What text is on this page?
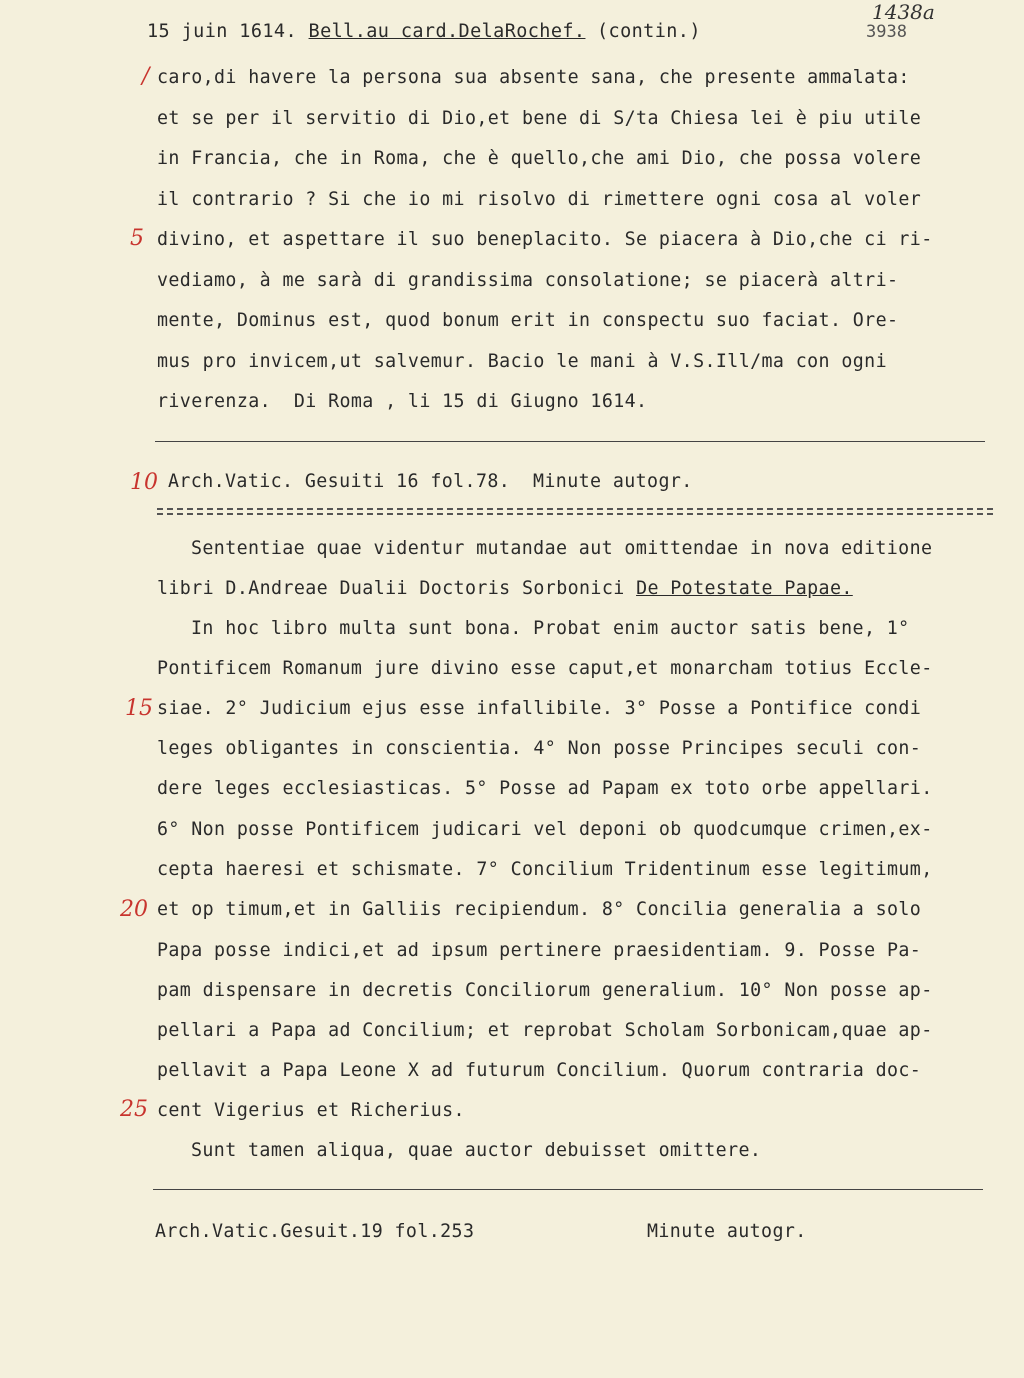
15 juin 1614. Bell.au card.DelaRochef. (contin.)
1438a
3938
/
5
10
15
20
25
caro,di havere la persona sua absente sana, che presente ammalata:
et se per il servitio di Dio,et bene di S/ta Chiesa lei è piu utile
in Francia, che in Roma, che è quello,che ami Dio, che possa volere
il contrario ? Si che io mi risolvo di rimettere ogni cosa al voler
divino, et aspettare il suo beneplacito. Se piacera à Dio,che ci ri-
vediamo, à me sarà di grandissima consolatione; se piacerà altri-
mente, Dominus est, quod bonum erit in conspectu suo faciat. Ore-
mus pro invicem,ut salvemur. Bacio le mani à V.S.Ill/ma con ogni
riverenza.  Di Roma , li 15 di Giugno 1614.
Arch.Vatic. Gesuiti 16 fol.78.  Minute autogr.
Sententiae quae videntur mutandae aut omittendae in nova editione
libri D.Andreae Dualii Doctoris Sorbonici De Potestate Papae.
In hoc libro multa sunt bona. Probat enim auctor satis bene, 1°
Pontificem Romanum jure divino esse caput,et monarcham totius Eccle-
siae. 2° Judicium ejus esse infallibile. 3° Posse a Pontifice condi
leges obligantes in conscientia. 4° Non posse Principes seculi con-
dere leges ecclesiasticas. 5° Posse ad Papam ex toto orbe appellari.
6° Non posse Pontificem judicari vel deponi ob quodcumque crimen,ex-
cepta haeresi et schismate. 7° Concilium Tridentinum esse legitimum,
et op timum,et in Galliis recipiendum. 8° Concilia generalia a solo
Papa posse indici,et ad ipsum pertinere praesidentiam. 9. Posse Pa-
pam dispensare in decretis Conciliorum generalium. 10° Non posse ap-
pellari a Papa ad Concilium; et reprobat Scholam Sorbonicam,quae ap-
pellavit a Papa Leone X ad futurum Concilium. Quorum contraria doc-
cent Vigerius et Richerius.
Sunt tamen aliqua, quae auctor debuisset omittere.
Arch.Vatic.Gesuit.19 fol.253	Minute autogr.
